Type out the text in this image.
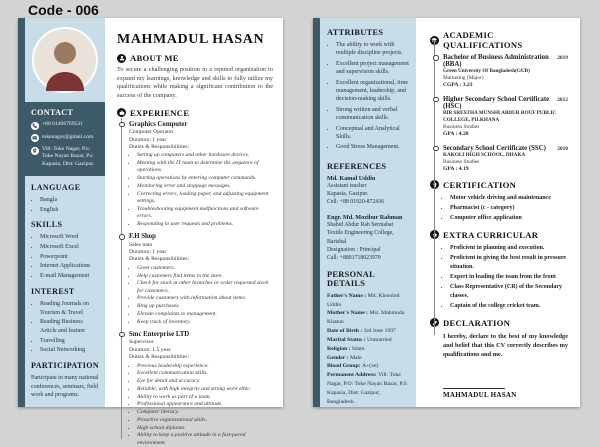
Code - 006
CONTACT
+88 01406769531
tokenagor@gmail.com
Vill: Toke Nagar, P.o: Toke Nayan Bazar, P.s: Kapasia, Dist: Gazipur.
LANGUAGE
• Bangla
• English
SKILLS
• Microsoft Word
• Microsoft Excel
• Powerpoint
• Internet Applications
• E-mail Management
INTEREST
• Reading Journals on Tourism & Travel
• Reading Business Article and feature
• Travelling
• Social Networking
PARTICIPATION
Participate in many national conferences, seminars, field work and programs.
MAHMADUL HASAN
ABOUT ME
To secure a challenging position in a reputed organization to expand my learnings, knowledge and skills to fully utilize my qualifications while making a significant contribution to the success of the company.
EXPERIENCE
Graphics Computer
Computer Operator
Duration: 1 year
Duties & Responsibilities:
• Setting up computers and other hardware devices.
• Meeting with the IT team to determine the sequence of operations.
• Starting operations by entering computer commands.
• Monitoring error and stoppage messages.
• Correcting errors, loading paper, and adjusting equipment settings.
• Troubleshooting equipment malfunctions and software errors.
• Responding to user requests and problems.
F.H Shop
Sales man
Duration: 1 year
Duties & Responsibilities:
• Greet customers.
• Help customers find items in the store.
• Check for stock at other branches or order requested stock for customers.
• Provide customers with information about items.
• Ring up purchases.
• Elevate complaints to management.
• Keep track of inventory.
Smc Enterprise LTD
Supervisor
Duration: 1.5 year
Duties & Responsibilities:
• Previous leadership experience.
• Excellent communication skills.
• Eye for detail and accuracy.
• Reliable, with high integrity and strong work ethic.
• Ability to work as part of a team.
• Professional appearance and attitude.
• Computer literacy.
• Proactive organizational skills.
• High school diploma.
• Ability to keep a positive attitude in a fast-paced environment.
ATTRIBUTES
• The ability to work with multiple discipline projects.
• Excellent project management and supervision skills.
• Excellent organizational, time management, leadership, and decision-making skills.
• Strong written and verbal communication skills.
• Conceptual and Analytical Skills.
• Good Stress Management.
REFERENCES
Md. Kamal Uddin
Assistant teacher
Kapasia, Gazipur.
Cell: +88 01920-872436
Engr. Md. Mozibur Rahman
Shahid Abdur Rab Serniabat Textile Engineering College, Barishal
Designation : Principal
Call: +8801718023970
PERSONAL DETAILS
Father's Name : Md. Khorshid Uddin
Mother's Name : Mst. Mahmuda Khatun
Date of Birth : 3rd June 1997
Marital Status : Unmarried
Religion : Islam
Gender : Male
Blood Group: A+(ve)
Permanent Address: Vill: Toke Nagar, P.O: Toke Nayan Bazar, P.S: Kapasia, Dist: Gazipur, Bangladesh.
ACADEMIC QUALIFICATIONS
Bachelor of Business Administration (BBA)
2019
Green University Of Bangladesh(GUB)
Marketing (Major)
CGPA : 3.23
Higher Secondary School Certificate (HSC)
2012
BIR SRESTHA MUNSHI ABDUR ROUF PUBLIC COLLEGE, PILKHANA
Business Studies
GPA : 4.20
Secondary School Certificate (SSC) 2010
KAKOLI HIGH SCHOOL, DHAKA
Business Studies
GPA : 4.19
CERTIFICATION
• Motor vehicle driving and maintenance
• Pharmacist (c - category)
• Computer office application
EXTRA CURRICULAR
• Proficient in planning and execution.
• Proficient in giving the best result in pressure situation.
• Expert in leading the team from the front
• Class Representative (CR) of the Secondary classes.
• Captain of the college cricket team.
DECLARATION
I hereby, declare to the best of my knowledge and belief that this CV correctly describes my qualifications and me.
MAHMADUL HASAN
